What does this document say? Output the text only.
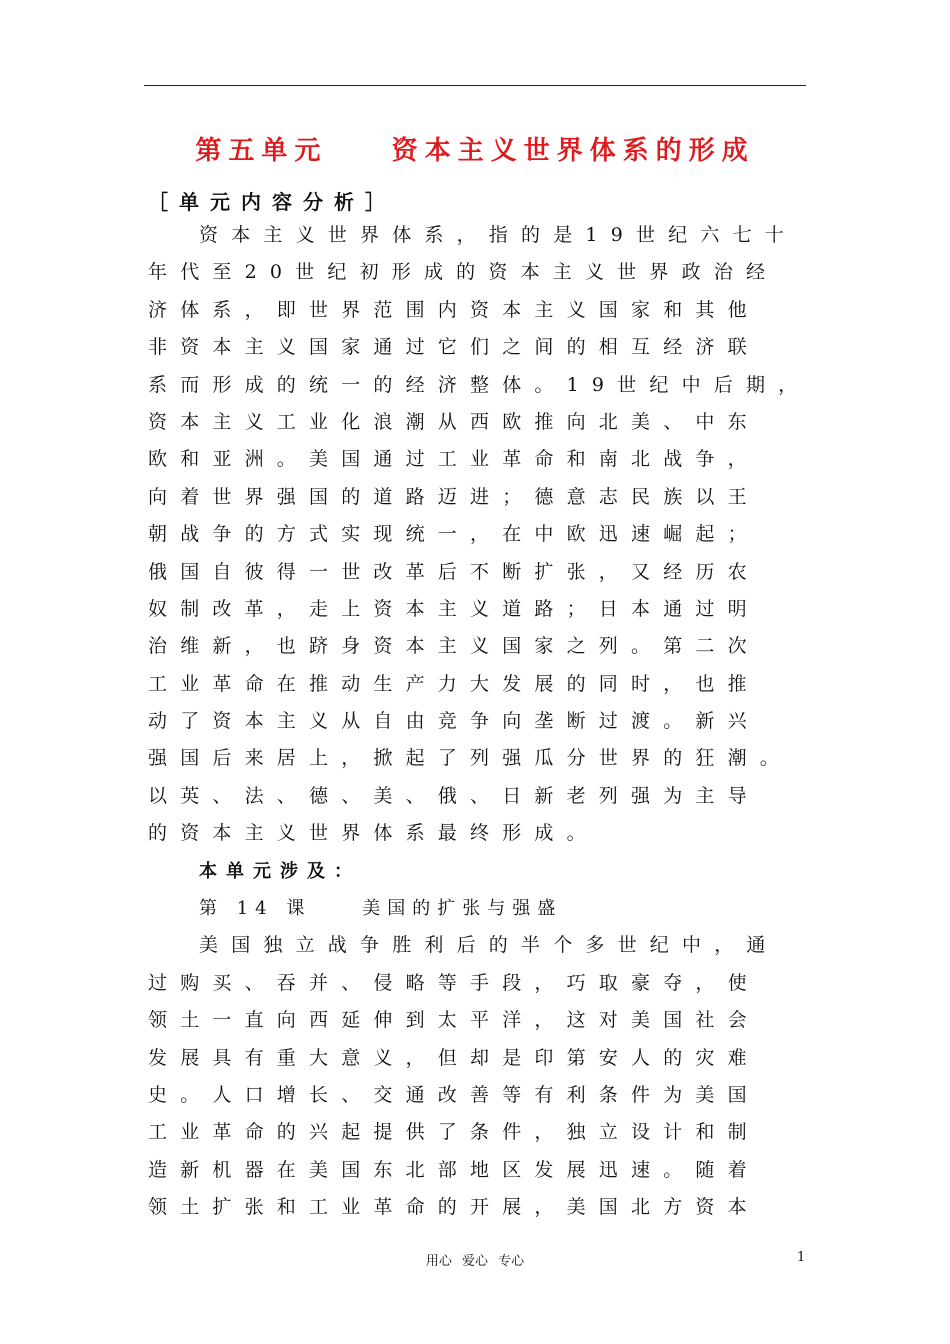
第五单元    资本主义世界体系的形成
［单元内容分析］
资本主义世界体系，指的是19世纪六七十
年代至20世纪初形成的资本主义世界政治经
济体系，即世界范围内资本主义国家和其他
非资本主义国家通过它们之间的相互经济联
系而形成的统一的经济整体。19世纪中后期，
资本主义工业化浪潮从西欧推向北美、中东
欧和亚洲。美国通过工业革命和南北战争，
向着世界强国的道路迈进；德意志民族以王
朝战争的方式实现统一，在中欧迅速崛起；
俄国自彼得一世改革后不断扩张，又经历农
奴制改革，走上资本主义道路；日本通过明
治维新，也跻身资本主义国家之列。第二次
工业革命在推动生产力大发展的同时，也推
动了资本主义从自由竞争向垄断过渡。新兴
强国后来居上，掀起了列强瓜分世界的狂潮。
以英、法、德、美、俄、日新老列强为主导
的资本主义世界体系最终形成。
本单元涉及：
第 14 课    美国的扩张与强盛
美国独立战争胜利后的半个多世纪中，通
过购买、吞并、侵略等手段，巧取豪夺，使
领土一直向西延伸到太平洋，这对美国社会
发展具有重大意义，但却是印第安人的灾难
史。人口增长、交通改善等有利条件为美国
工业革命的兴起提供了条件，独立设计和制
造新机器在美国东北部地区发展迅速。随着
领土扩张和工业革命的开展，美国北方资本
用心 爱心 专心	1
